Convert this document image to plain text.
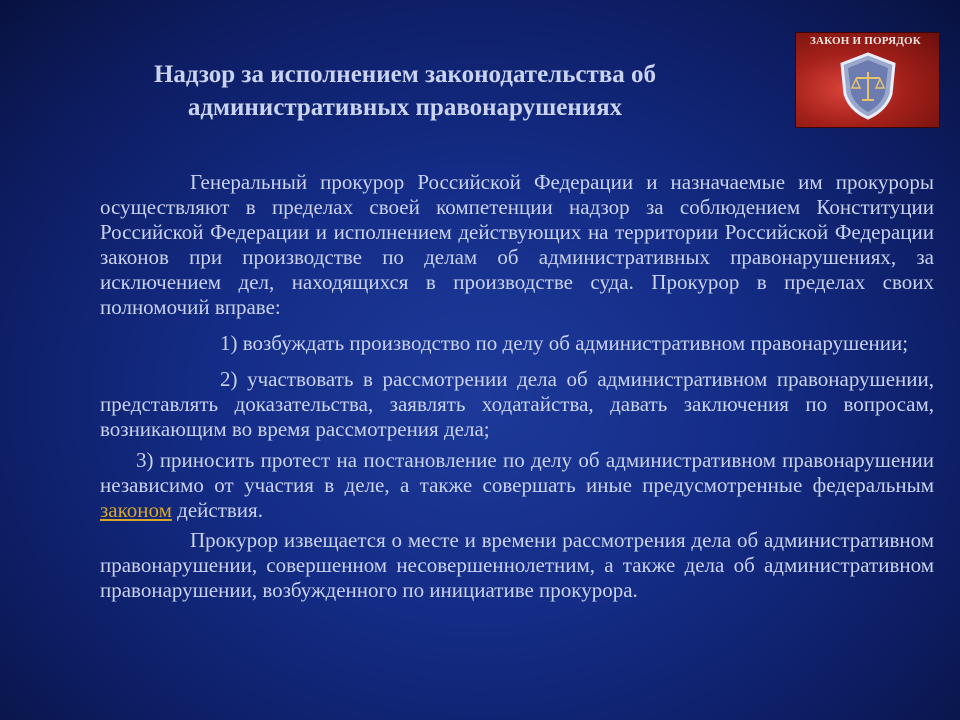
Надзор за исполнением законодательства об
административных правонарушениях
ЗАКОН И ПОРЯДОК

Генеральный прокурор Российской Федерации и назначаемые им прокуроры осуществляют в пределах своей компетенции надзор за соблюдением Конституции Российской Федерации и исполнением действующих на территории Российской Федерации законов при производстве по делам об административных правонарушениях, за исключением дел, находящихся в производстве суда. Прокурор в пределах своих полномочий вправе:

1) возбуждать производство по делу об административном правонарушении;

2) участвовать в рассмотрении дела об административном правонарушении, представлять доказательства, заявлять ходатайства, давать заключения по вопросам, возникающим во время рассмотрения дела;

3) приносить протест на постановление по делу об административном правонарушении независимо от участия в деле, а также совершать иные предусмотренные федеральным законом действия.

Прокурор извещается о месте и времени рассмотрения дела об административном правонарушении, совершенном несовершеннолетним, а также дела об административном правонарушении, возбужденного по инициативе прокурора.
